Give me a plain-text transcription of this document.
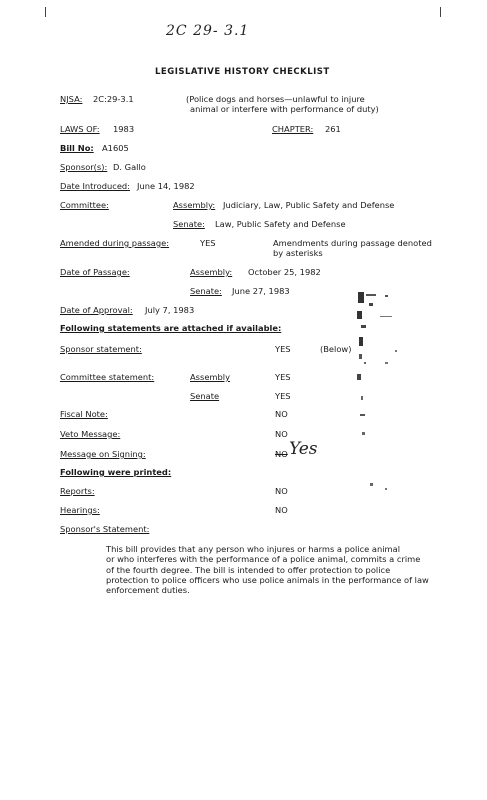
2C 29- 3.1
LEGISLATIVE HISTORY CHECKLIST
NJSA: 2C:29-3.1	(Police dogs and horses—unlawful to injure
animal or interfere with performance of duty)
LAWS OF: 1983	CHAPTER: 261
Bill No: A1605
Sponsor(s): D. Gallo
Date Introduced: June 14, 1982
Committee:	Assembly: Judiciary, Law, Public Safety and Defense
Senate: Law, Public Safety and Defense
Amended during passage:	YES	Amendments during passage denoted
by asterisks
Date of Passage:	Assembly: October 25, 1982
Senate: June 27, 1983
Date of Approval: July 7, 1983
Following statements are attached if available:
Sponsor statement:	YES	(Below)
Committee statement:	Assembly	YES
Senate	YES
Fiscal Note:	NO
Veto Message:	NO
Message on Signing:	NO Yes
Following were printed:
Reports:	NO
Hearings:	NO
Sponsor's Statement:
This bill provides that any person who injures or harms a police animal
or who interferes with the performance of a police animal, commits a crime
of the fourth degree. The bill is intended to offer protection to police
protection to police officers who use police animals in the performance of law
enforcement duties.
